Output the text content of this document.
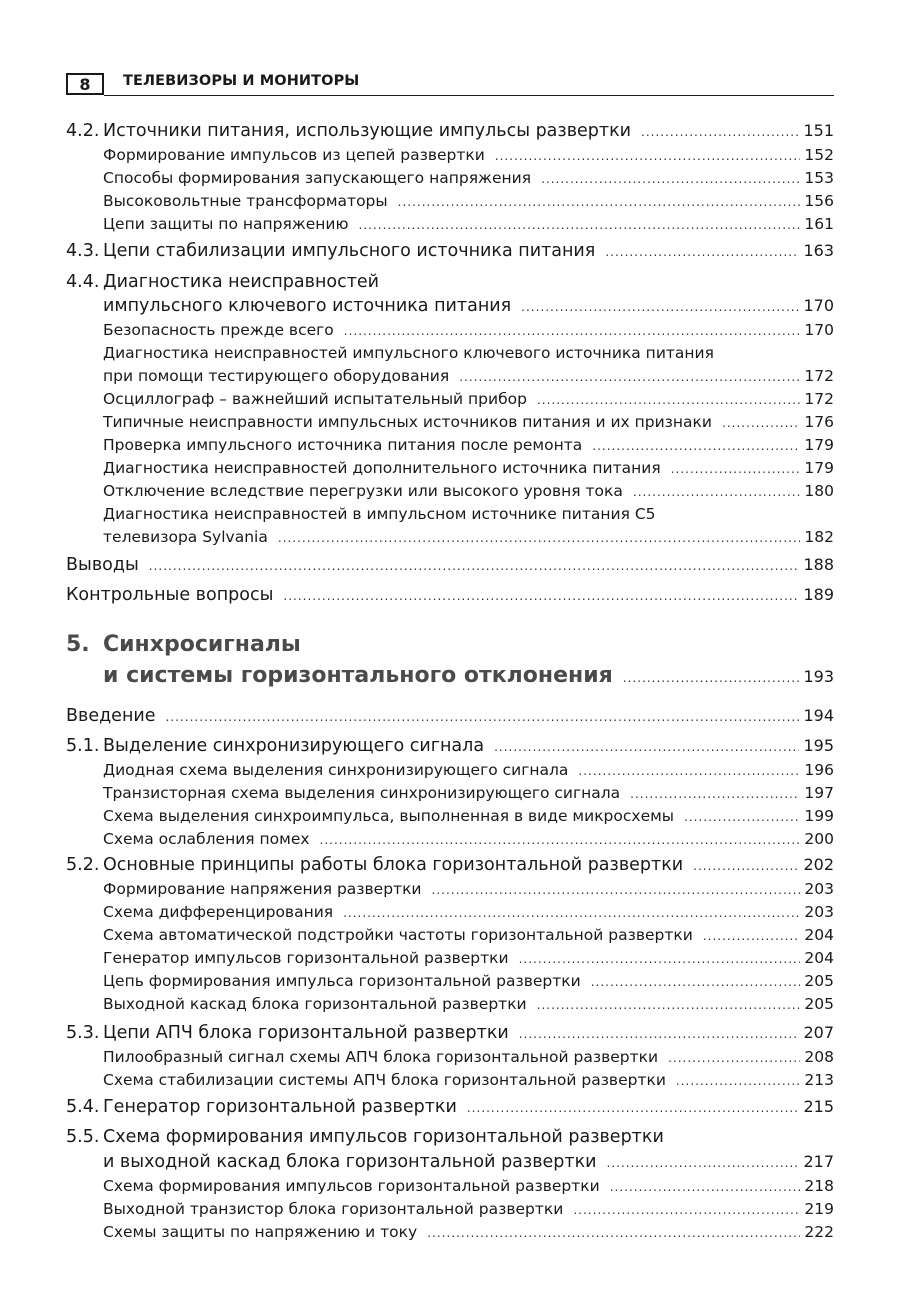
8	ТЕЛЕВИЗОРЫ И МОНИТОРЫ
4.2. Источники питания, использующие импульсы развертки .....	151
Формирование импульсов из цепей развертки .....	152
Способы формирования запускающего напряжения .....	153
Высоковольтные трансформаторы .....	156
Цепи защиты по напряжению .....	161
4.3. Цепи стабилизации импульсного источника питания .....	163
4.4. Диагностика неисправностей
импульсного ключевого источника питания .....	170
Безопасность прежде всего .....	170
Диагностика неисправностей импульсного ключевого источника питания
при помощи тестирующего оборудования .....	172
Осциллограф – важнейший испытательный прибор .....	172
Типичные неисправности импульсных источников питания и их признаки .....	176
Проверка импульсного источника питания после ремонта .....	179
Диагностика неисправностей дополнительного источника питания .....	179
Отключение вследствие перегрузки или высокого уровня тока .....	180
Диагностика неисправностей в импульсном источнике питания С5
телевизора Sylvania .....	182
Выводы .....	188
Контрольные вопросы .....	189
5. Синхросигналы
и системы горизонтального отклонения .....	193
Введение .....	194
5.1. Выделение синхронизирующего сигнала .....	195
Диодная схема выделения синхронизирующего сигнала .....	196
Транзисторная схема выделения синхронизирующего сигнала .....	197
Схема выделения синхроимпульса, выполненная в виде микросхемы .....	199
Схема ослабления помех .....	200
5.2. Основные принципы работы блока горизонтальной развертки .....	202
Формирование напряжения развертки .....	203
Схема дифференцирования .....	203
Схема автоматической подстройки частоты горизонтальной развертки .....	204
Генератор импульсов горизонтальной развертки .....	204
Цепь формирования импульса горизонтальной развертки .....	205
Выходной каскад блока горизонтальной развертки .....	205
5.3. Цепи АПЧ блока горизонтальной развертки .....	207
Пилообразный сигнал схемы АПЧ блока горизонтальной развертки .....	208
Схема стабилизации системы АПЧ блока горизонтальной развертки .....	213
5.4. Генератор горизонтальной развертки .....	215
5.5. Схема формирования импульсов горизонтальной развертки
и выходной каскад блока горизонтальной развертки .....	217
Схема формирования импульсов горизонтальной развертки .....	218
Выходной транзистор блока горизонтальной развертки .....	219
Схемы защиты по напряжению и току .....	222
